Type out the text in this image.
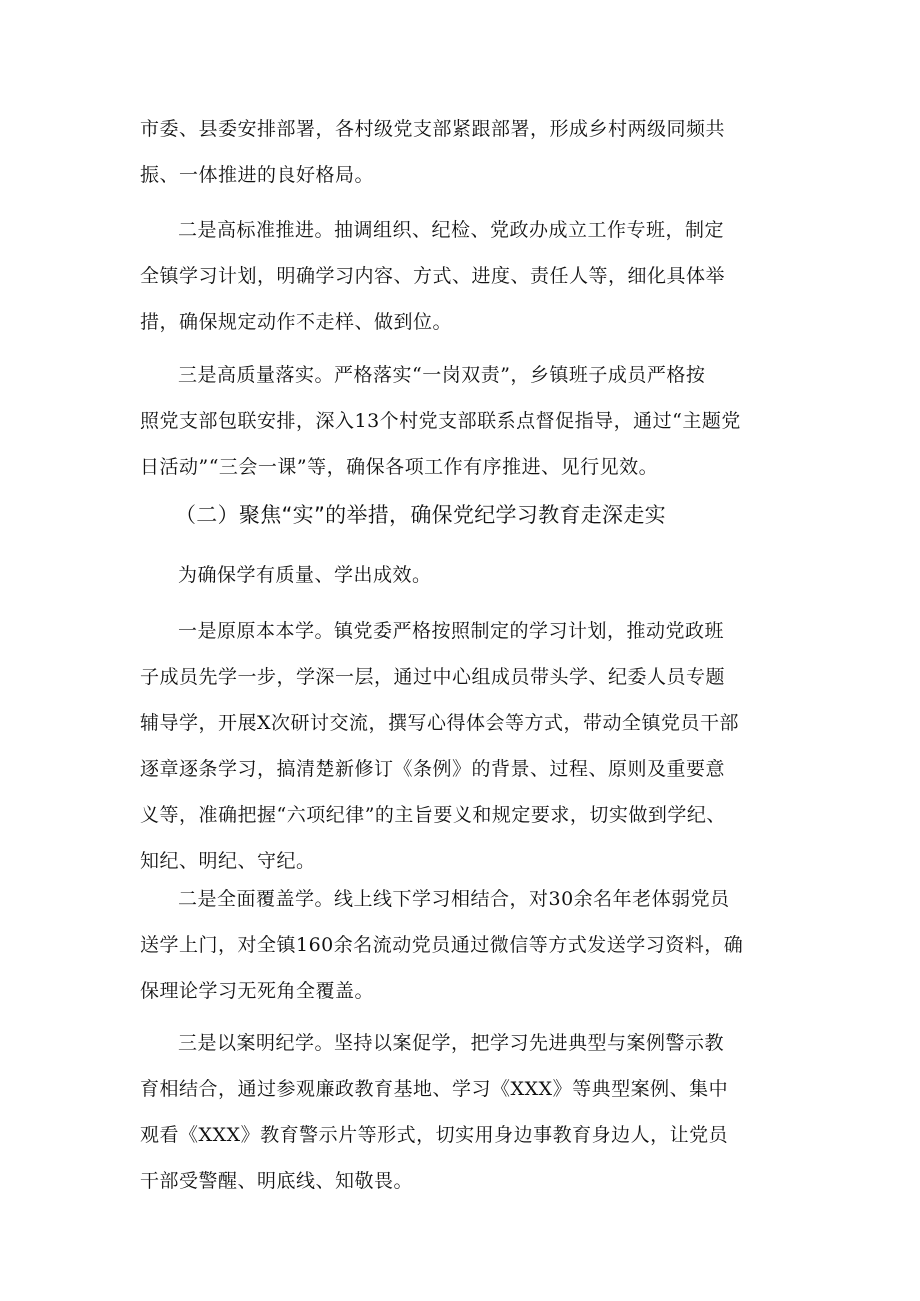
市委、县委安排部署，各村级党支部紧跟部署，形成乡村两级同频共
振、一体推进的良好格局。

二是高标准推进。抽调组织、纪检、党政办成立工作专班，制定
全镇学习计划，明确学习内容、方式、进度、责任人等，细化具体举
措，确保规定动作不走样、做到位。

三是高质量落实。严格落实“一岗双责”，乡镇班子成员严格按
照党支部包联安排，深入13个村党支部联系点督促指导，通过“主题党
日活动”“三会一课”等，确保各项工作有序推进、见行见效。

（二）聚焦“实”的举措，确保党纪学习教育走深走实

为确保学有质量、学出成效。

一是原原本本学。镇党委严格按照制定的学习计划，推动党政班
子成员先学一步，学深一层，通过中心组成员带头学、纪委人员专题
辅导学，开展X次研讨交流，撰写心得体会等方式，带动全镇党员干部
逐章逐条学习，搞清楚新修订《条例》的背景、过程、原则及重要意
义等，准确把握“六项纪律”的主旨要义和规定要求，切实做到学纪、
知纪、明纪、守纪。

二是全面覆盖学。线上线下学习相结合，对30余名年老体弱党员
送学上门，对全镇160余名流动党员通过微信等方式发送学习资料，确
保理论学习无死角全覆盖。

三是以案明纪学。坚持以案促学，把学习先进典型与案例警示教
育相结合，通过参观廉政教育基地、学习《XXX》等典型案例、集中
观看《XXX》教育警示片等形式，切实用身边事教育身边人，让党员
干部受警醒、明底线、知敬畏。
